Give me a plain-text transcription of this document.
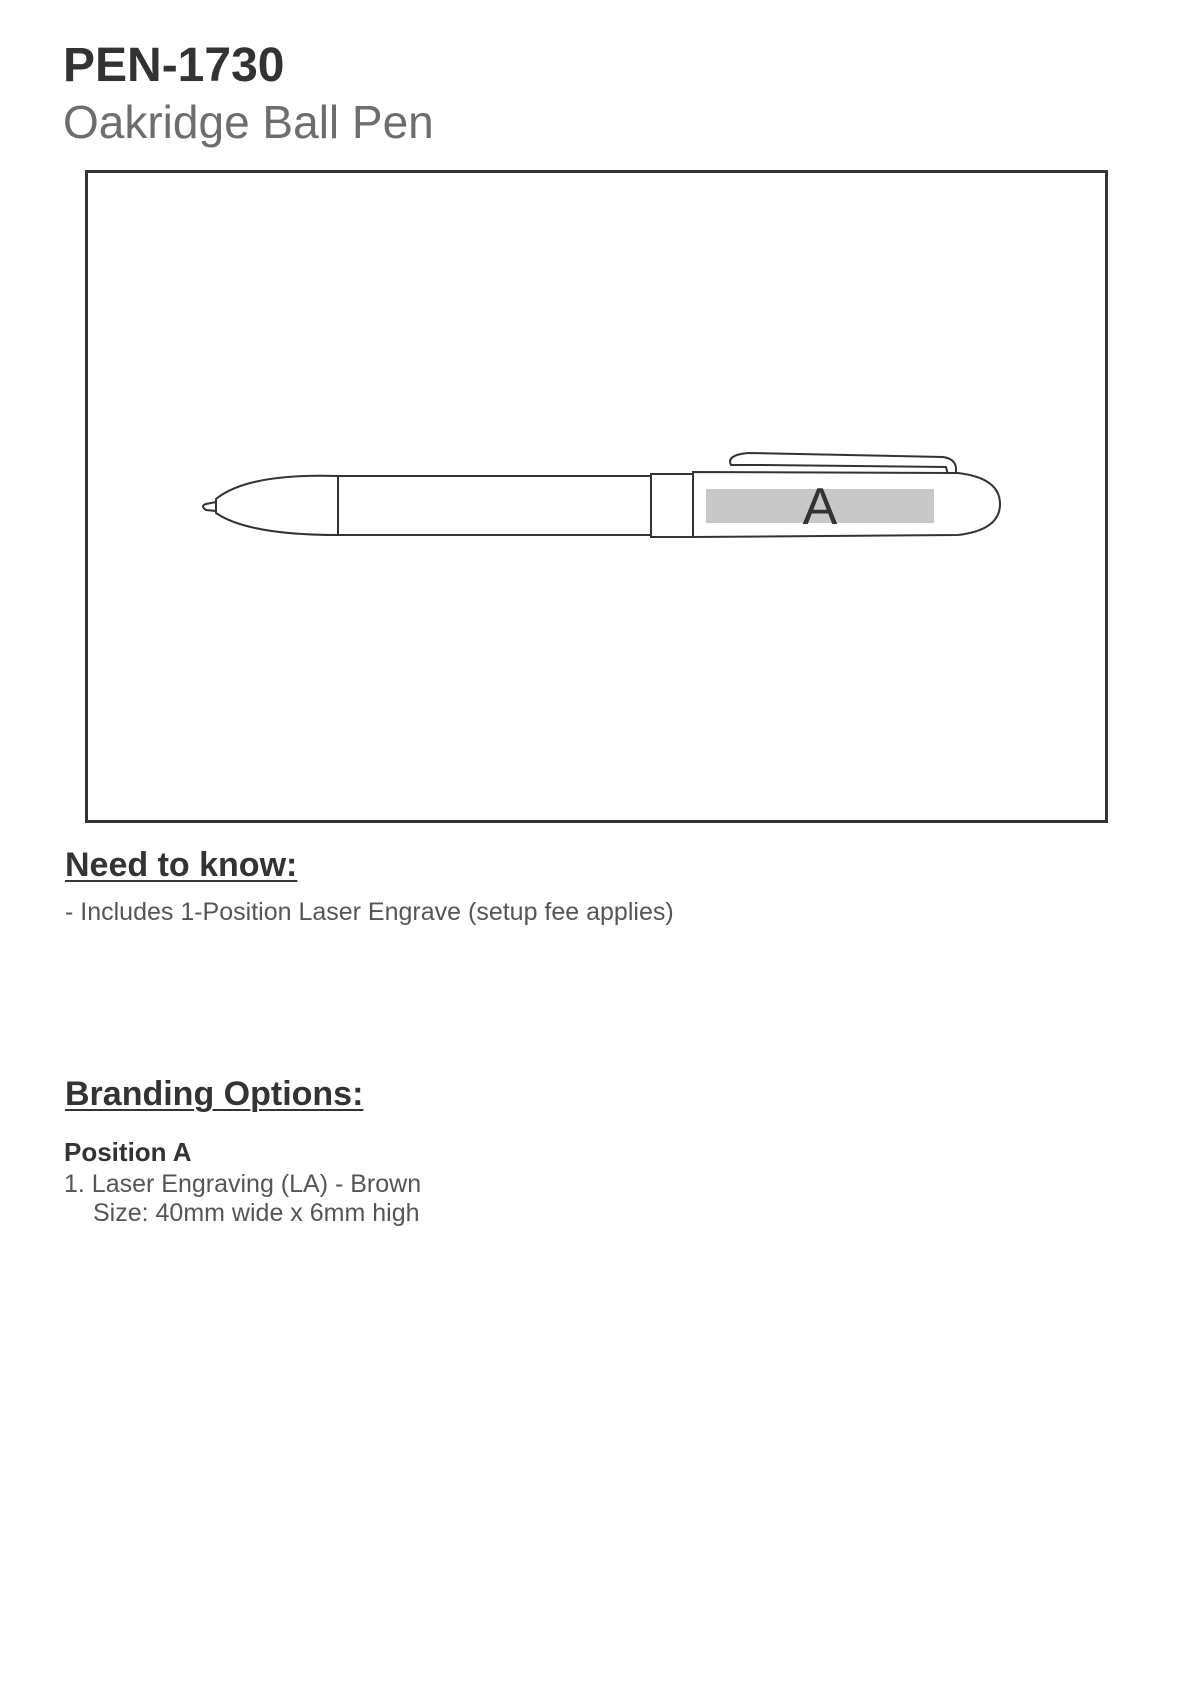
PEN-1730
Oakridge Ball Pen
A
Need to know:
- Includes 1-Position Laser Engrave (setup fee applies)
Branding Options:
Position A
1. Laser Engraving (LA) - Brown
Size: 40mm wide x 6mm high
